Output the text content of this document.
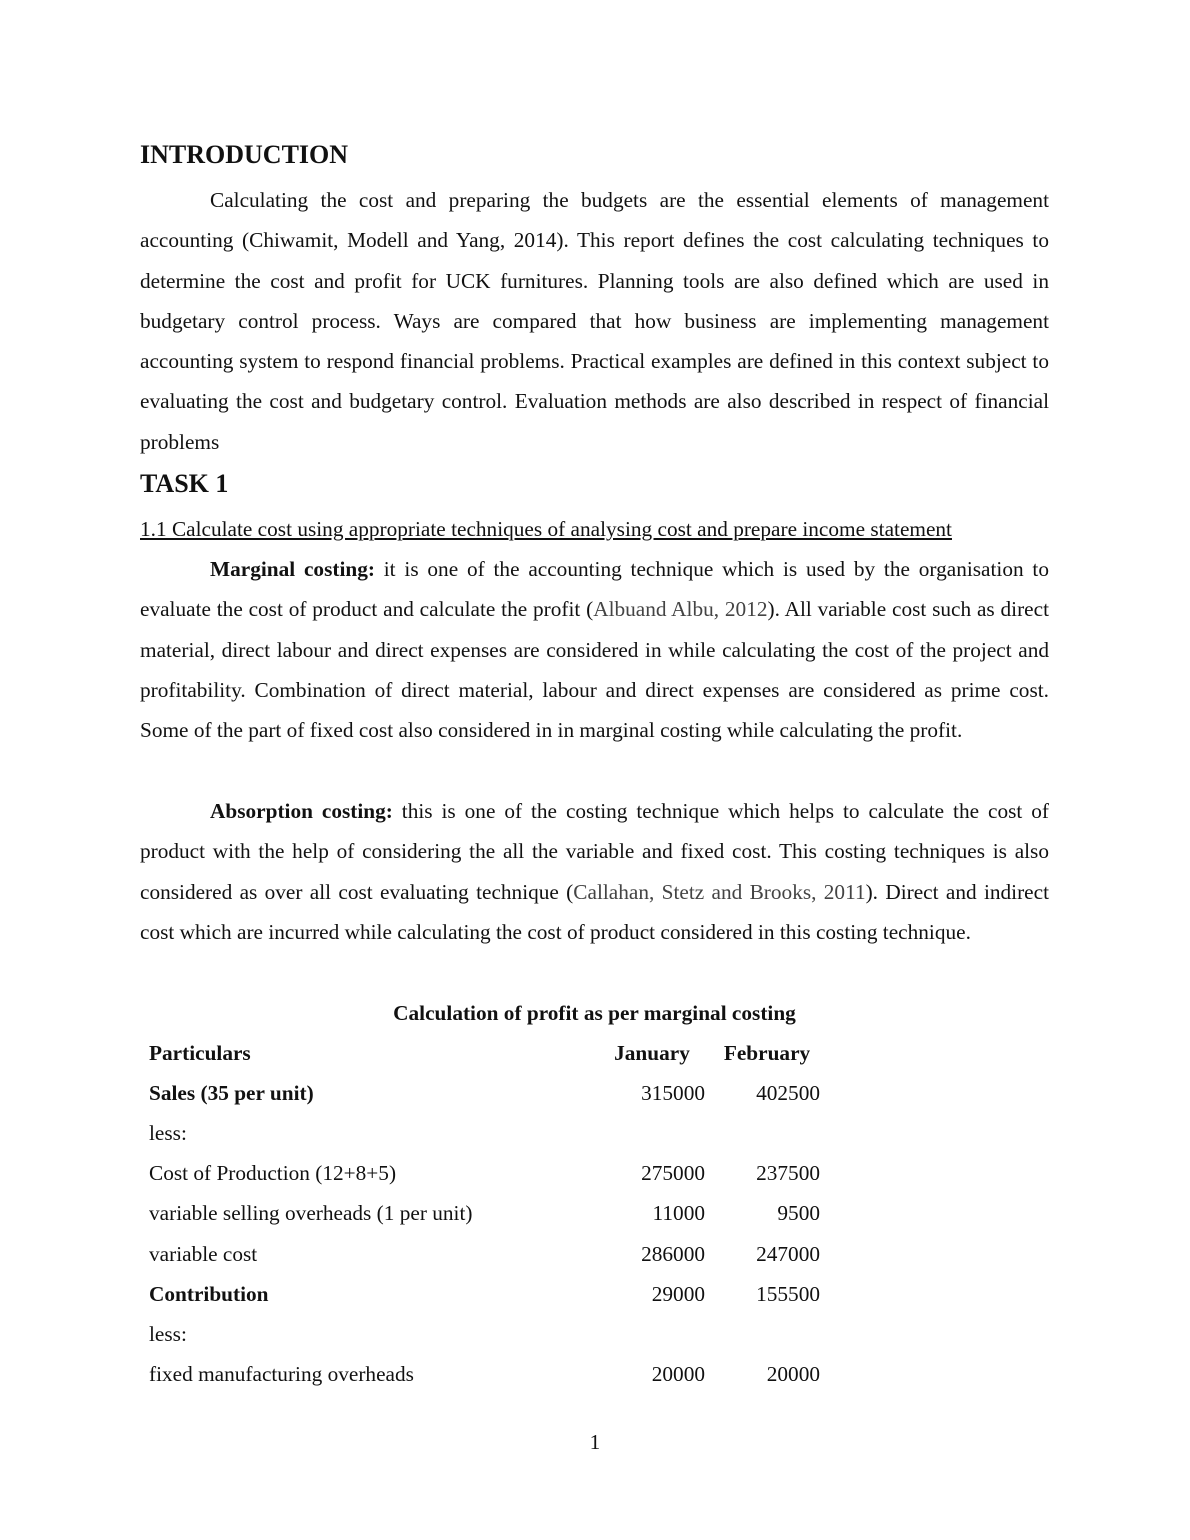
INTRODUCTION

Calculating the cost and preparing the budgets are the essential elements of management accounting (Chiwamit, Modell and Yang, 2014). This report defines the cost calculating techniques to determine the cost and profit for UCK furnitures. Planning tools are also defined which are used in budgetary control process. Ways are compared that how business are implementing management accounting system to respond financial problems. Practical examples are defined in this context subject to evaluating the cost and budgetary control. Evaluation methods are also described in respect of financial problems

TASK 1

1.1 Calculate cost using appropriate techniques of analysing cost and prepare income statement

Marginal costing: it is one of the accounting technique which is used by the organisation to evaluate the cost of product and calculate the profit (Albuand Albu, 2012). All variable cost such as direct material, direct labour and direct expenses are considered in while calculating the cost of the project and profitability. Combination of direct material, labour and direct expenses are considered as prime cost. Some of the part of fixed cost also considered in in marginal costing while calculating the profit.

Absorption costing: this is one of the costing technique which helps to calculate the cost of product with the help of considering the all the variable and fixed cost. This costing techniques is also considered as over all cost evaluating technique (Callahan, Stetz and Brooks, 2011). Direct and indirect cost which are incurred while calculating the cost of product considered in this costing technique.

Calculation of profit as per marginal costing

Particulars	January	February
Sales (35 per unit)	315000	402500
less:		
Cost of Production (12+8+5)	275000	237500
variable selling overheads (1 per unit)	11000	9500
variable cost	286000	247000
Contribution	29000	155500
less:		
fixed manufacturing overheads	20000	20000
1
